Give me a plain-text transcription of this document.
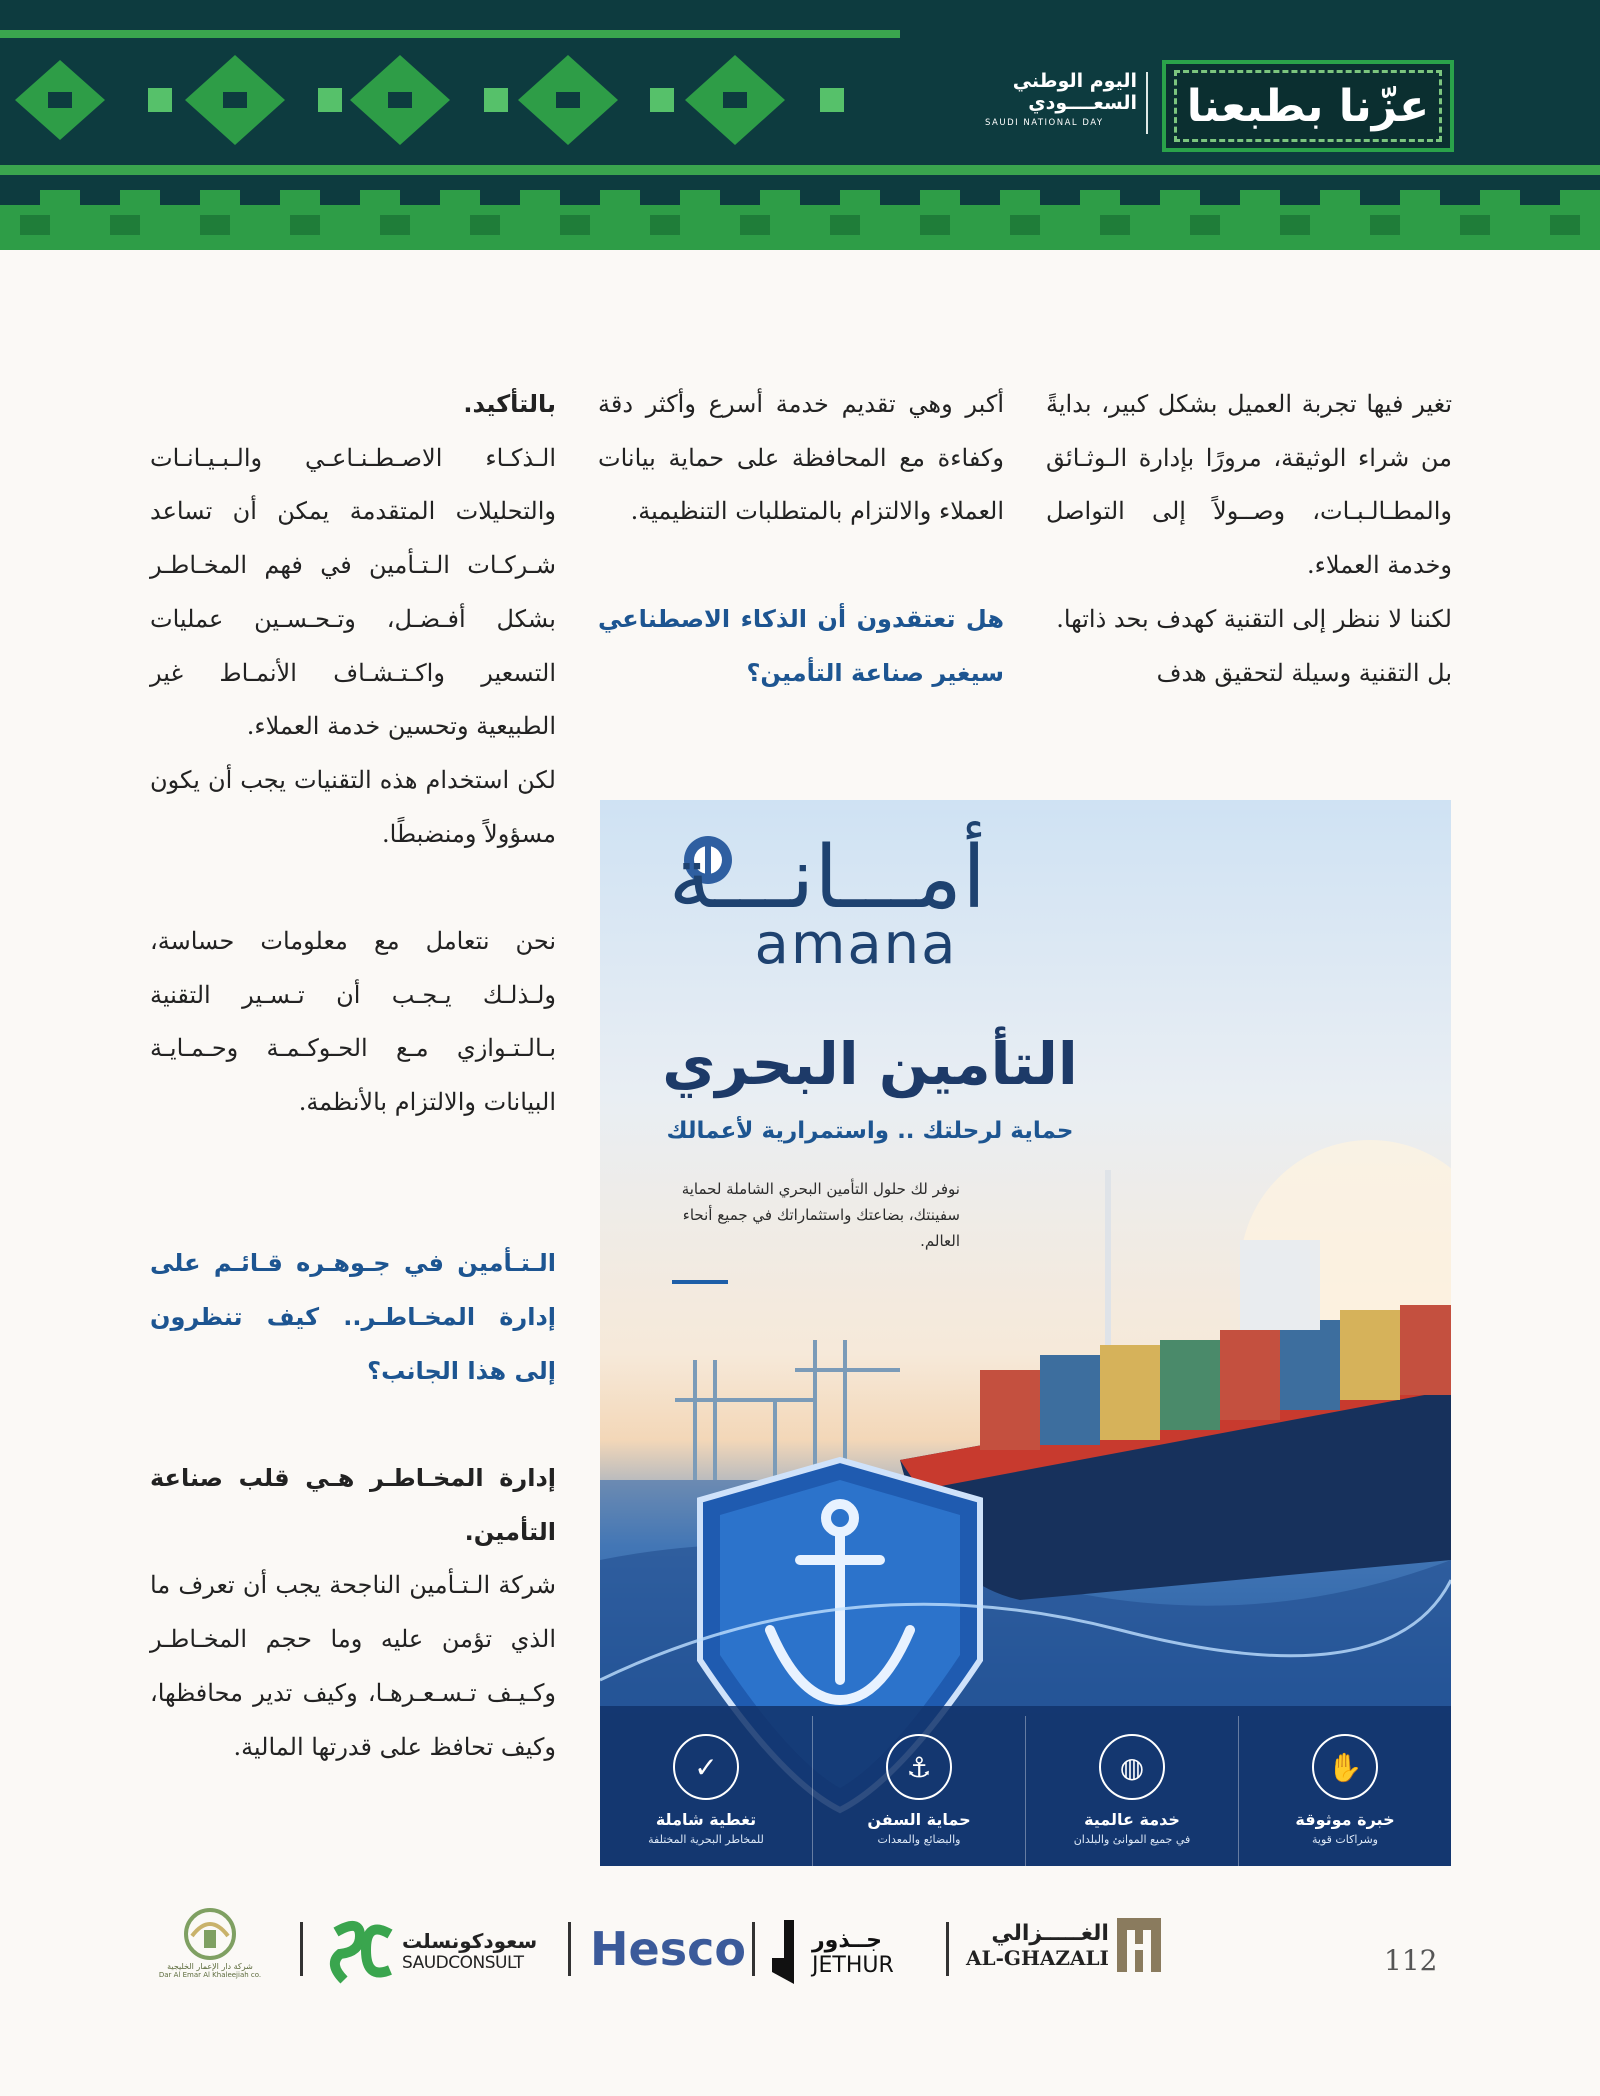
عزّنا بطبعنا
اليوم الوطني
السعــــودي
SAUDI NATIONAL DAY

تغير فيها تجربة العميل بشكل كبير، بدايةً من شراء الوثيقة، مرورًا بإدارة الـوثـائق والمطـالـبـات، وصــولاً إلى التواصل وخدمة العملاء.

لكننا لا ننظر إلى التقنية كهدف بحد ذاتها.

بل التقنية وسيلة لتحقيق هدف

أكبر وهي تقديم خدمة أسرع وأكثر دقة وكفاءة مع المحافظة على حماية بيانات العملاء والالتزام بالمتطلبات التنظيمية.

هل تعتقدون أن الذكاء الاصطناعي سيغير صناعة التأمين؟

بالتأكيد.

الـذكـاء الاصـطـنـاعـي والـبـيـانـات والتحليلات المتقدمة يمكن أن تساعد شـركـات الـتـأمين في فهم المخـاطـر بشكل أفـضـل، وتـحـسـين عمليات التسعير واكـتـشـاف الأنمـاط غير الطبيعية وتحسين خدمة العملاء.

لكن استخدام هذه التقنيات يجب أن يكون مسؤولاً ومنضبطًا.

نحن نتعامل مع معلومات حساسة، ولـذلـك يـجـب أن تـسـير التقنية بـالـتـوازي مـع الحـوكـمـة وحـمـايـة البيانات والالتزام بالأنظمة.

الـتـأمين في جـوهـره قـائـم على إدارة المخـاطـر.. كيف تنظرون إلى هذا الجانب؟

إدارة المخـاطـر هـي قلب صناعة التأمين.

شركة الـتـأمين الناجحة يجب أن تعرف ما الذي تؤمن عليه وما حجم المخـاطـر وكـيـف تـسـعـرهـا، وكيف تدير محافظها، وكيف تحافظ على قدرتها المالية.

أمـــانـــة
amana
التأمين البحري
حماية لرحلتك .. واستمرارية لأعمالك
نوفر لك حلول التأمين البحري الشاملة لحماية سفينتك، بضاعتك واستثماراتك في جميع أنحاء العالم.
✋
خبرة موثوقة
وشراكات قوية
◍
خدمة عالمية
في جميع الموانئ والبلدان
⚓
حماية السفن
والبضائع والمعدات
✓
تغطية شاملة
للمخاطر البحرية المختلفة
112
الغـــــزالي
AL-GHAZALI
جــذور
JETHUR
Hesco
سعودكونسلت
SAUDCONSULT
شركة دار الإعمار الخليجية
Dar Al Emar Al Khaleejiah co.
